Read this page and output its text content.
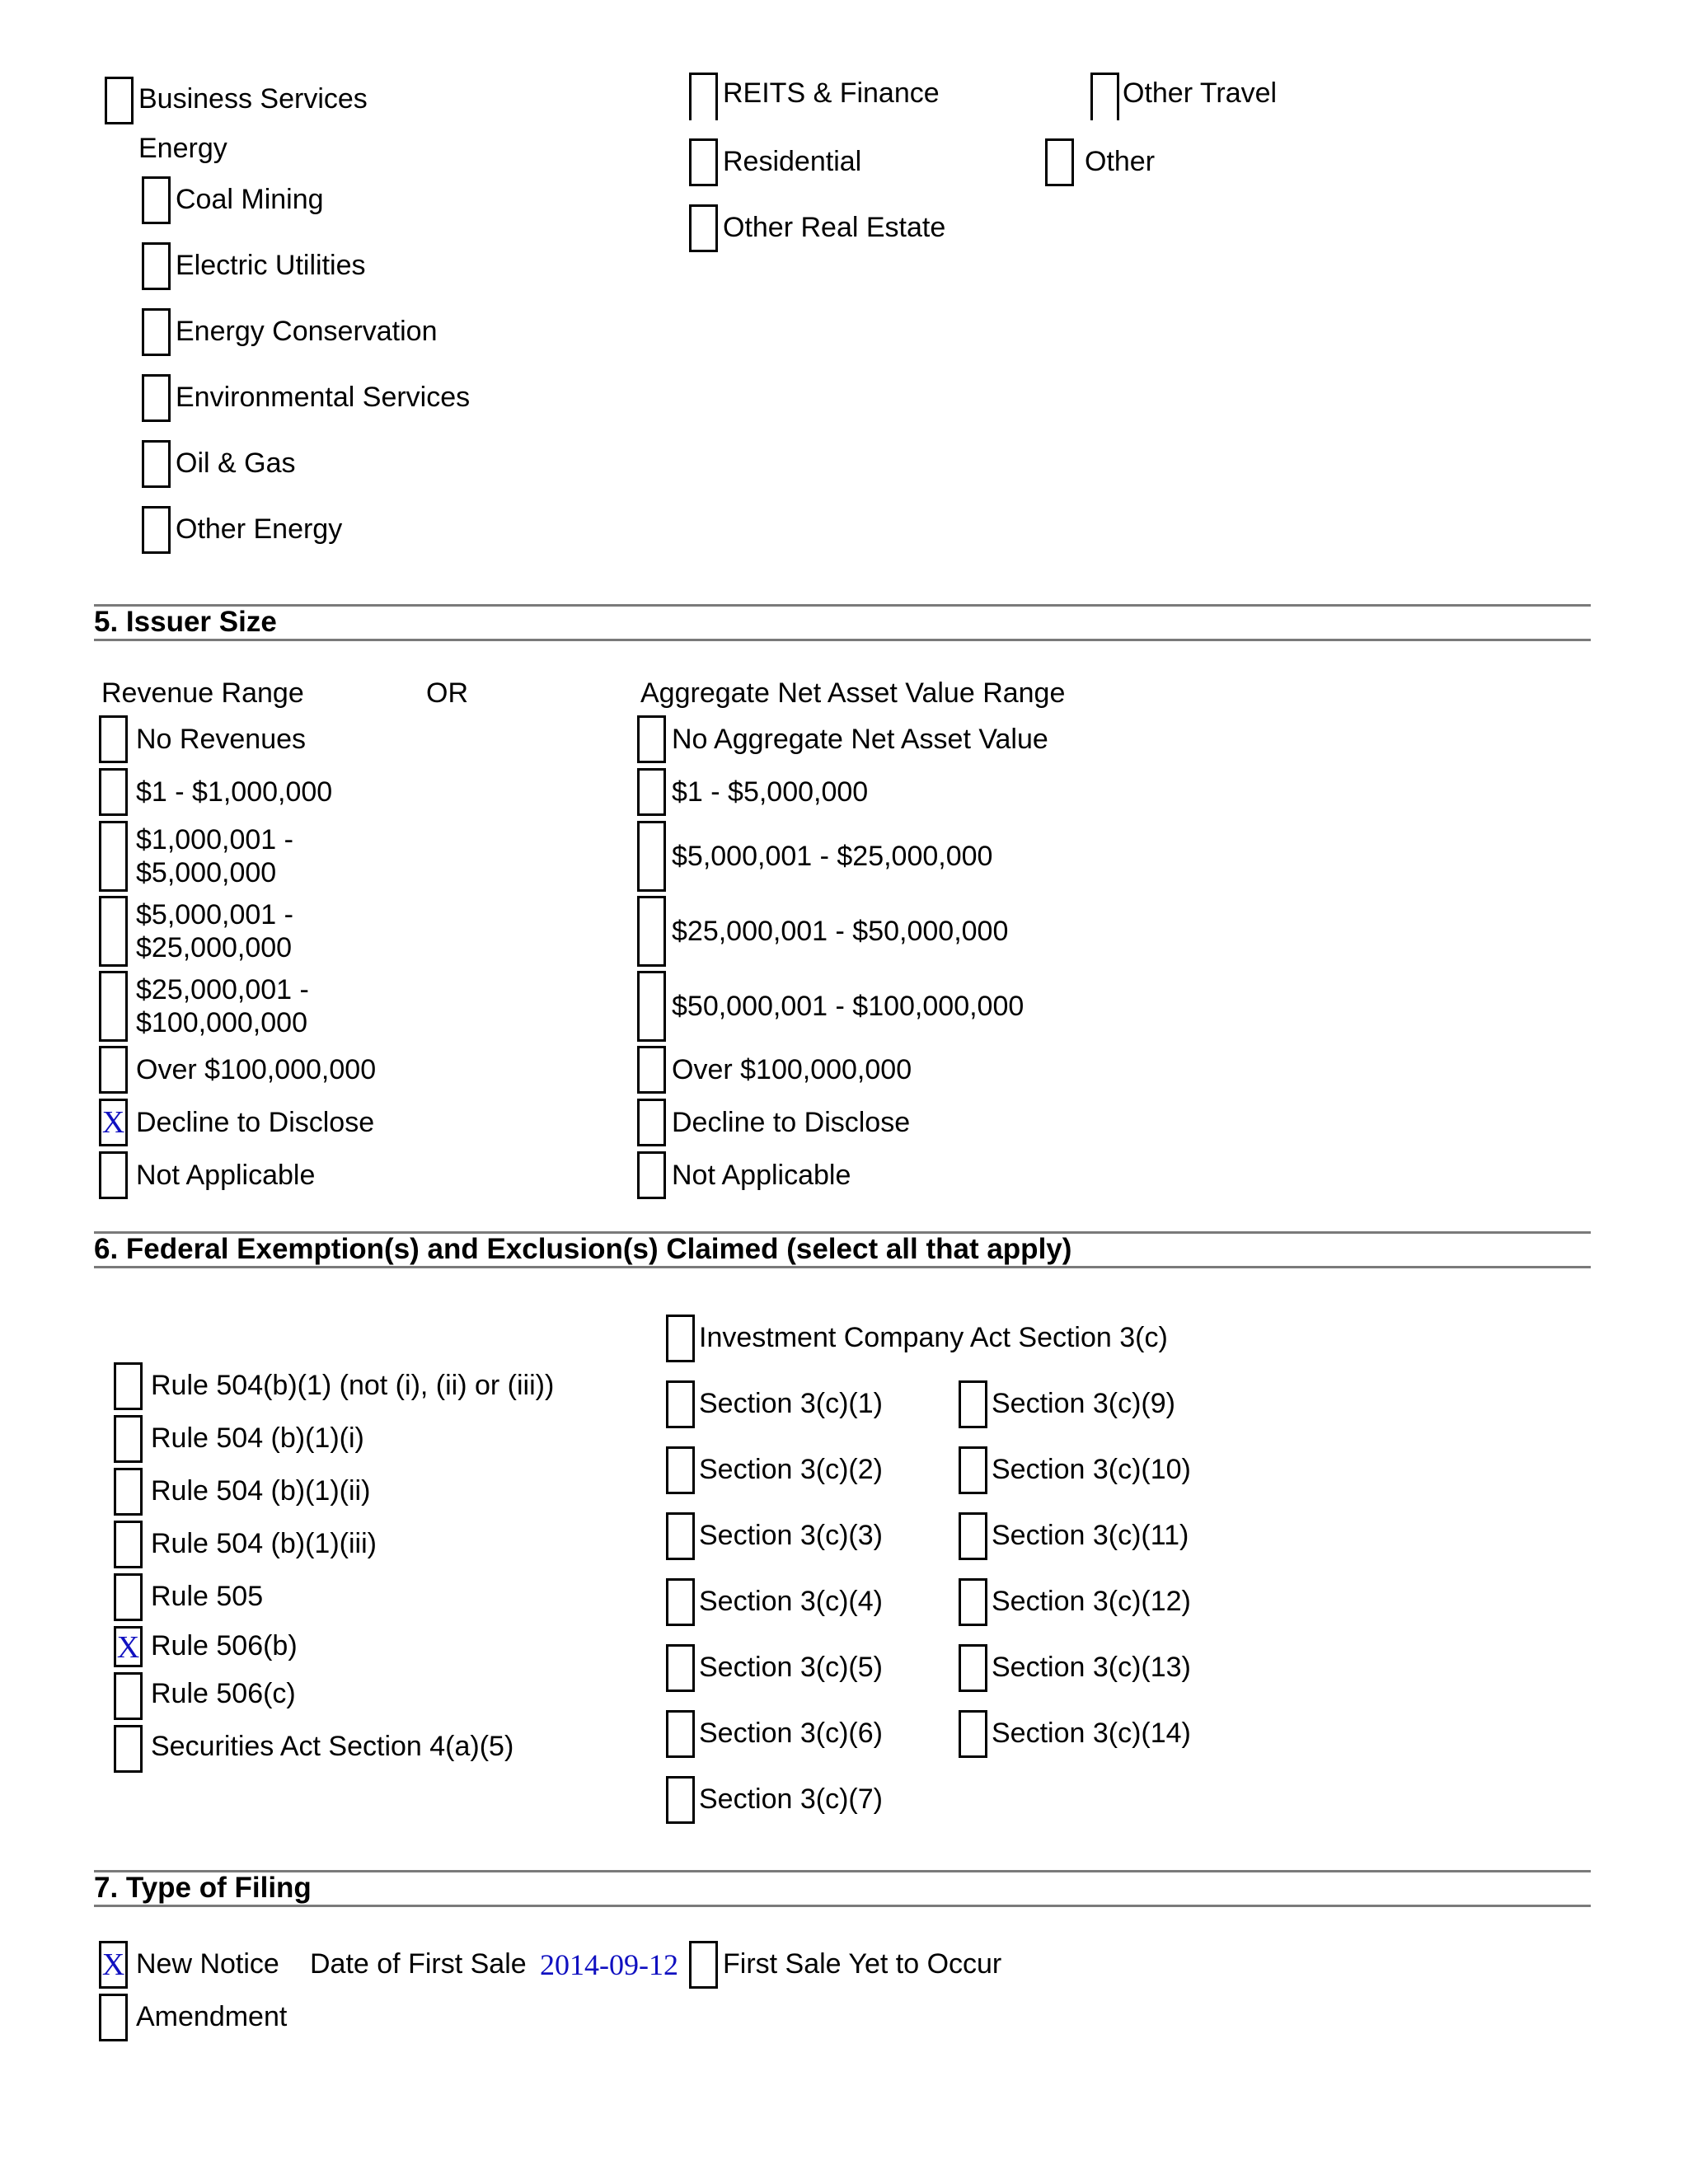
Business Services
Energy
Coal Mining
Electric Utilities
Energy Conservation
Environmental Services
Oil & Gas
Other Energy
REITS & Finance
Residential
Other Real Estate
Other Travel
Other
5. Issuer Size
Revenue Range	OR	Aggregate Net Asset Value Range
No Revenues
$1 - $1,000,000
$1,000,001 -
$5,000,000
$5,000,001 -
$25,000,000
$25,000,001 -
$100,000,000
Over $100,000,000
X Decline to Disclose
Not Applicable
No Aggregate Net Asset Value
$1 - $5,000,000
$5,000,001 - $25,000,000
$25,000,001 - $50,000,000
$50,000,001 - $100,000,000
Over $100,000,000
Decline to Disclose
Not Applicable
6. Federal Exemption(s) and Exclusion(s) Claimed (select all that apply)
Rule 504(b)(1) (not (i), (ii) or (iii))
Rule 504 (b)(1)(i)
Rule 504 (b)(1)(ii)
Rule 504 (b)(1)(iii)
Rule 505
X Rule 506(b)
Rule 506(c)
Securities Act Section 4(a)(5)
Investment Company Act Section 3(c)
Section 3(c)(1)
Section 3(c)(2)
Section 3(c)(3)
Section 3(c)(4)
Section 3(c)(5)
Section 3(c)(6)
Section 3(c)(7)
Section 3(c)(9)
Section 3(c)(10)
Section 3(c)(11)
Section 3(c)(12)
Section 3(c)(13)
Section 3(c)(14)
7. Type of Filing
X New Notice Date of First Sale 2014-09-12 First Sale Yet to Occur
Amendment
